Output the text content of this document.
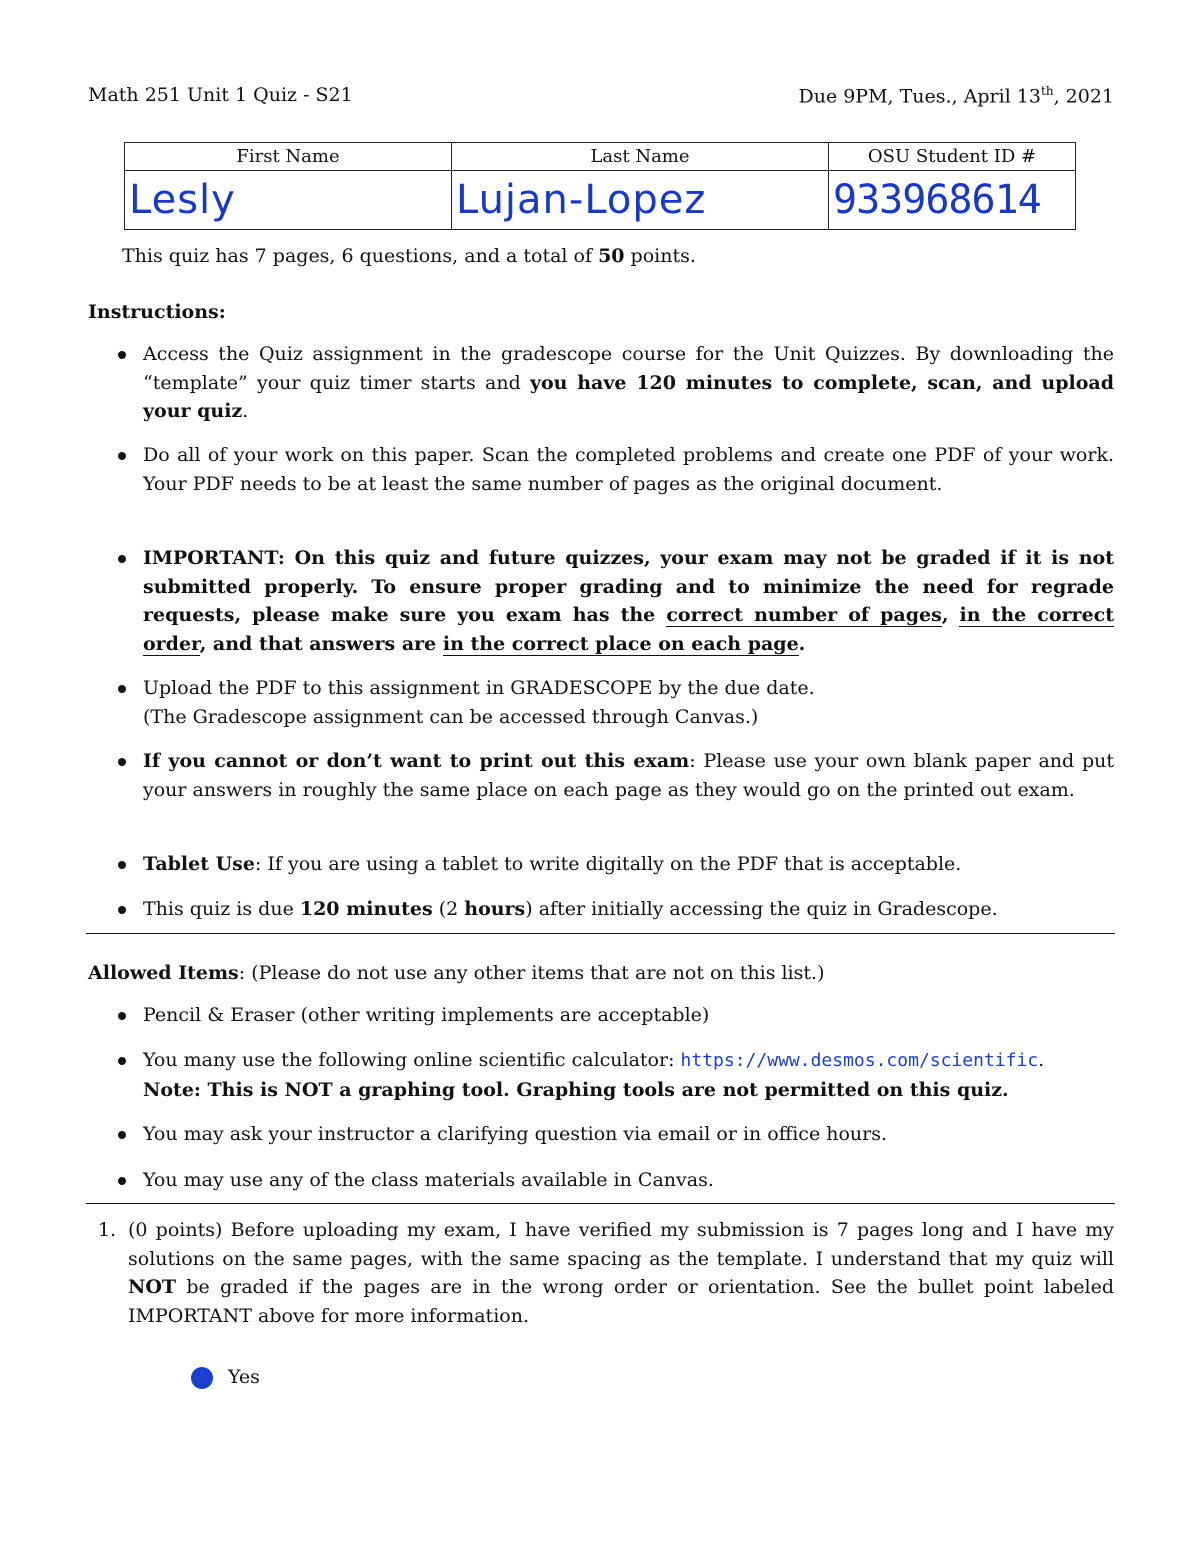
Math 251 Unit 1 Quiz - S21	Due 9PM, Tues., April 13th, 2021
First Name	Last Name	OSU Student ID #

Lesly	Lujan-Lopez	933968614
This quiz has 7 pages, 6 questions, and a total of 50 points.
Instructions:
Access the Quiz assignment in the gradescope course for the Unit Quizzes. By downloading the “template” your quiz timer starts and you have 120 minutes to complete, scan, and upload your quiz.
Do all of your work on this paper. Scan the completed problems and create one PDF of your work. Your PDF needs to be at least the same number of pages as the original document.
IMPORTANT: On this quiz and future quizzes, your exam may not be graded if it is not submitted properly. To ensure proper grading and to minimize the need for regrade requests, please make sure you exam has the correct number of pages, in the correct order, and that answers are in the correct place on each page.
Upload the PDF to this assignment in GRADESCOPE by the due date.
(The Gradescope assignment can be accessed through Canvas.)
If you cannot or don’t want to print out this exam: Please use your own blank paper and put your answers in roughly the same place on each page as they would go on the printed out exam.
Tablet Use: If you are using a tablet to write digitally on the PDF that is acceptable.
This quiz is due 120 minutes (2 hours) after initially accessing the quiz in Gradescope.
Allowed Items: (Please do not use any other items that are not on this list.)
Pencil & Eraser (other writing implements are acceptable)
You many use the following online scientific calculator: https://www.desmos.com/scientific.
Note: This is NOT a graphing tool. Graphing tools are not permitted on this quiz.
You may ask your instructor a clarifying question via email or in office hours.
You may use any of the class materials available in Canvas.
1. (0 points) Before uploading my exam, I have verified my submission is 7 pages long and I have my solutions on the same pages, with the same spacing as the template. I understand that my quiz will NOT be graded if the pages are in the wrong order or orientation. See the bullet point labeled IMPORTANT above for more information.
Yes
